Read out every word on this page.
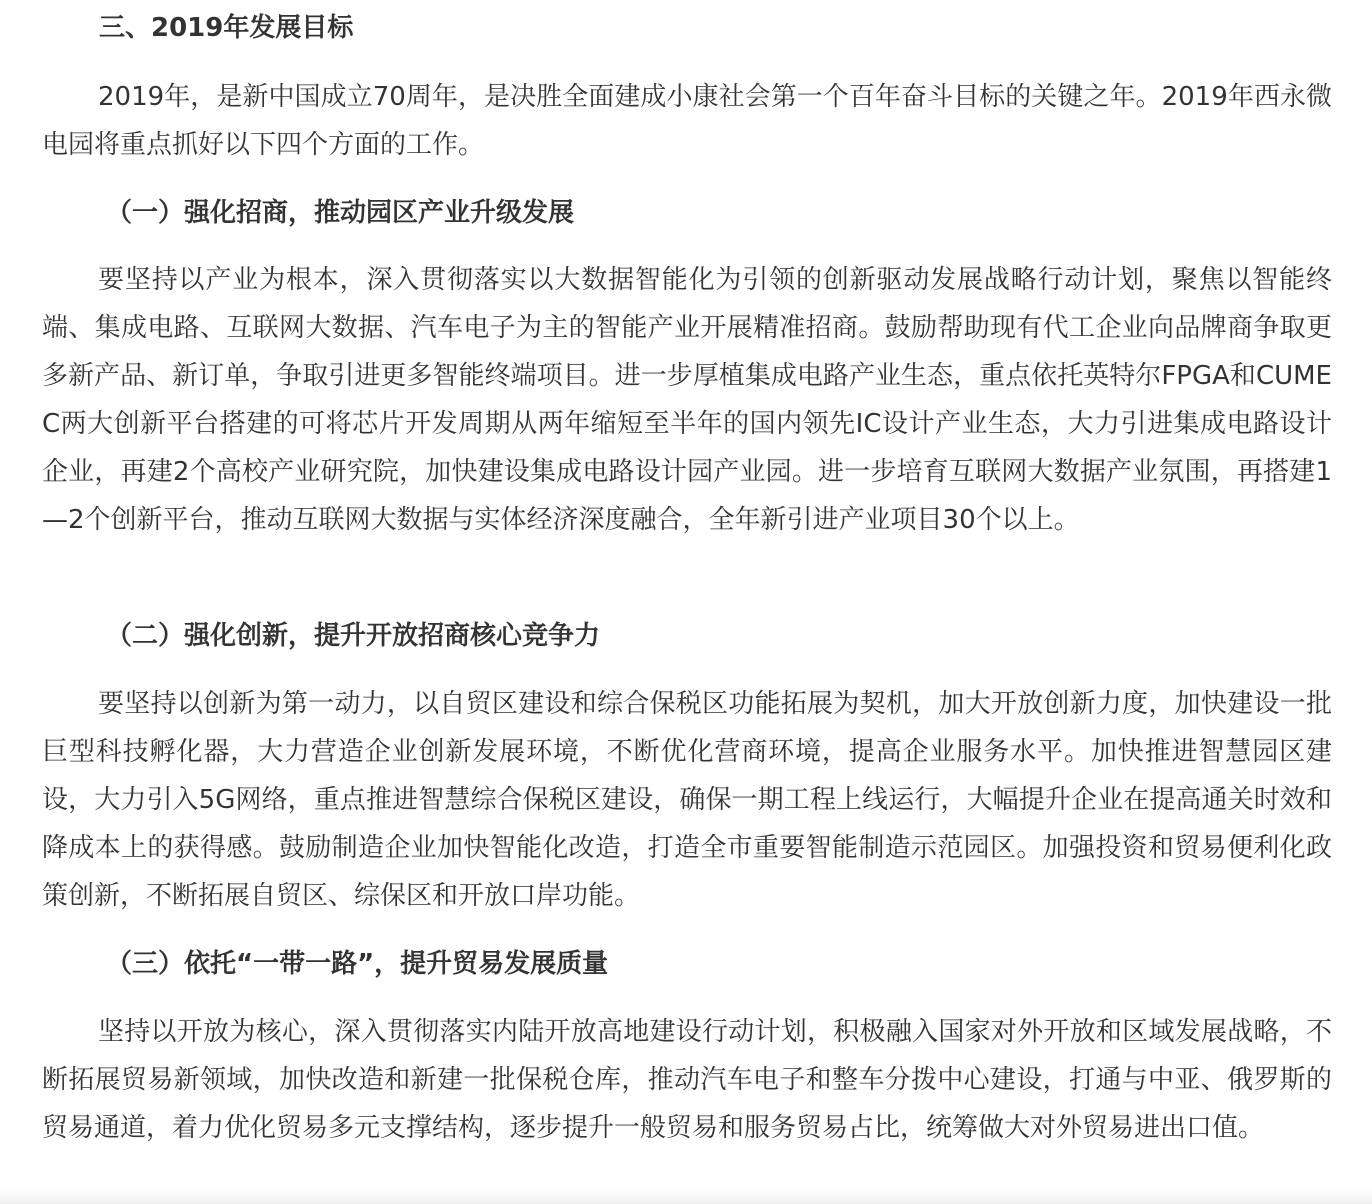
三、2019年发展目标

2019年，是新中国成立70周年，是决胜全面建成小康社会第一个百年奋斗目标的关键之年。2019年西永微电园将重点抓好以下四个方面的工作。

（一）强化招商，推动园区产业升级发展

要坚持以产业为根本，深入贯彻落实以大数据智能化为引领的创新驱动发展战略行动计划，聚焦以智能终端、集成电路、互联网大数据、汽车电子为主的智能产业开展精准招商。鼓励帮助现有代工企业向品牌商争取更多新产品、新订单，争取引进更多智能终端项目。进一步厚植集成电路产业生态，重点依托英特尔FPGA和CUMEC两大创新平台搭建的可将芯片开发周期从两年缩短至半年的国内领先IC设计产业生态，大力引进集成电路设计企业，再建2个高校产业研究院，加快建设集成电路设计园产业园。进一步培育互联网大数据产业氛围，再搭建1—2个创新平台，推动互联网大数据与实体经济深度融合，全年新引进产业项目30个以上。

（二）强化创新，提升开放招商核心竞争力

要坚持以创新为第一动力，以自贸区建设和综合保税区功能拓展为契机，加大开放创新力度，加快建设一批巨型科技孵化器，大力营造企业创新发展环境，不断优化营商环境，提高企业服务水平。加快推进智慧园区建设，大力引入5G网络，重点推进智慧综合保税区建设，确保一期工程上线运行，大幅提升企业在提高通关时效和降成本上的获得感。鼓励制造企业加快智能化改造，打造全市重要智能制造示范园区。加强投资和贸易便利化政策创新，不断拓展自贸区、综保区和开放口岸功能。

（三）依托“一带一路”，提升贸易发展质量

坚持以开放为核心，深入贯彻落实内陆开放高地建设行动计划，积极融入国家对外开放和区域发展战略，不断拓展贸易新领域，加快改造和新建一批保税仓库，推动汽车电子和整车分拨中心建设，打通与中亚、俄罗斯的贸易通道，着力优化贸易多元支撑结构，逐步提升一般贸易和服务贸易占比，统筹做大对外贸易进出口值。
